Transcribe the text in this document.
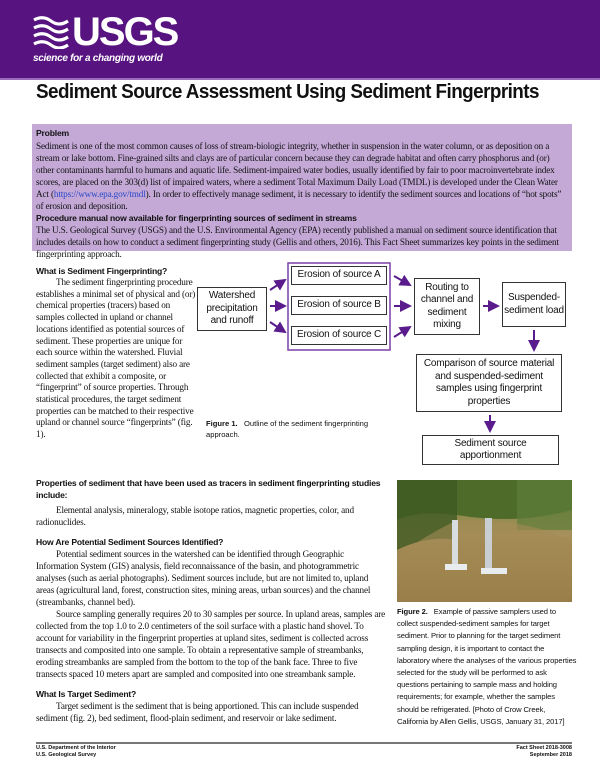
USGS
science for a changing world
Sediment Source Assessment Using Sediment Fingerprints
Problem
Sediment is one of the most common causes of loss of stream-biologic integrity, whether in suspension in the water column, or as deposition on a stream or lake bottom. Fine-grained silts and clays are of particular concern because they can degrade habitat and often carry phosphorus and (or) other contaminants harmful to humans and aquatic life. Sediment-impaired water bodies, usually identified by fair to poor macroinvertebrate index scores, are placed on the 303(d) list of impaired waters, where a sediment Total Maximum Daily Load (TMDL) is developed under the Clean Water Act (https://www.epa.gov/tmdl). In order to effectively manage sediment, it is necessary to identify the sediment sources and locations of “hot spots” of erosion and deposition.
Procedure manual now available for fingerprinting sources of sediment in streams
The U.S. Geological Survey (USGS) and the U.S. Environmental Agency (EPA) recently published a manual on sediment source identification that includes details on how to conduct a sediment fingerprinting study (Gellis and others, 2016). This Fact Sheet summarizes key points in the sediment fingerprinting approach.
What is Sediment Fingerprinting?
The sediment fingerprinting procedure establishes a minimal set of physical and (or) chemical properties (tracers) based on samples collected in upland or channel locations identified as potential sources of sediment. These properties are unique for each source within the watershed. Fluvial sediment samples (target sediment) also are collected that exhibit a composite, or “fingerprint” of source properties. Through statistical procedures, the target sediment properties can be matched to their respective upland or channel source “fingerprints” (fig. 1).
Watershed precipitation and runoff
Erosion of source A
Erosion of source B
Erosion of source C
Routing to channel and sediment mixing
Suspended-sediment load
Comparison of source material and suspended-sediment samples using fingerprint properties
Sediment source apportionment
Figure 1. Outline of the sediment fingerprinting approach.
Properties of sediment that have been used as tracers in sediment fingerprinting studies include:
Elemental analysis, mineralogy, stable isotope ratios, magnetic properties, color, and radionuclides.
How Are Potential Sediment Sources Identified?
Potential sediment sources in the watershed can be identified through Geographic Information System (GIS) analysis, field reconnaissance of the basin, and photogrammetric analyses (such as aerial photographs). Sediment sources include, but are not limited to, upland areas (agricultural land, forest, construction sites, mining areas, urban sources) and the channel (streambanks, channel bed).
Source sampling generally requires 20 to 30 samples per source. In upland areas, samples are collected from the top 1.0 to 2.0 centimeters of the soil surface with a plastic hand shovel. To account for variability in the fingerprint properties at upland sites, sediment is collected across transects and composited into one sample. To obtain a representative sample of streambanks, eroding streambanks are sampled from the bottom to the top of the bank face. Three to five transects spaced 10 meters apart are sampled and composited into one streambank sample.
What Is Target Sediment?
Target sediment is the sediment that is being apportioned. This can include suspended sediment (fig. 2), bed sediment, flood-plain sediment, and reservoir or lake sediment.
Figure 2. Example of passive samplers used to collect suspended-sediment samples for target sediment. Prior to planning for the target sediment sampling design, it is important to contact the laboratory where the analyses of the various properties selected for the study will be performed to ask questions pertaining to sample mass and holding requirements; for example, whether the samples should be refrigerated. [Photo of Crow Creek, California by Allen Gellis, USGS, January 31, 2017]
U.S. Department of the Interior
U.S. Geological Survey
Fact Sheet 2018-3008
September 2018
